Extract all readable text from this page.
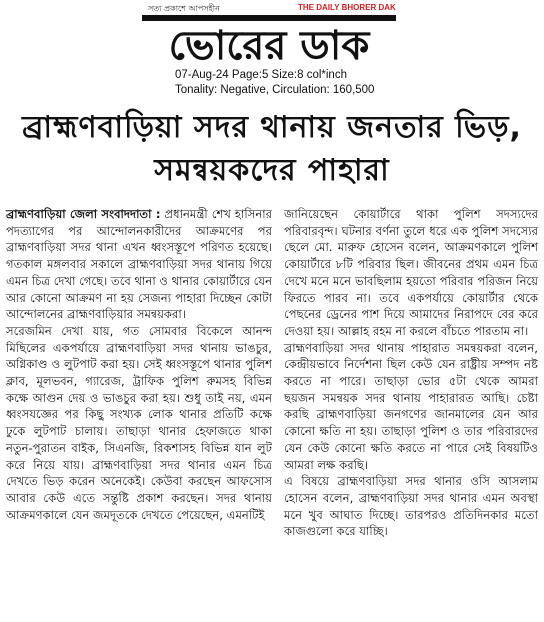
সত্য প্রকাশে আপসহীন	THE DAILY BHORER DAK
ভোরের ডাক
07-Aug-24 Page:5 Size:8 col*inch
Tonality: Negative, Circulation: 160,500
ব্রাহ্মণবাড়িয়া সদর থানায় জনতার ভিড়, সমন্বয়কদের পাহারা

ব্রাহ্মণবাড়িয়া জেলা সংবাদদাতা : প্রধানমন্ত্রী শেখ হাসিনার পদত্যাগের পর আন্দোলনকারীদের আক্রমণের পর ব্রাহ্মণবাড়িয়া সদর থানা এখন ধ্বংসস্তূপে পরিণত হয়েছে। গতকাল মঙ্গলবার সকালে ব্রাহ্মণবাড়িয়া সদর থানায় গিয়ে এমন চিত্র দেখা গেছে। তবে থানা ও থানার কোয়ার্টারে যেন আর কোনো আক্রমণ না হয় সেজন্য পাহারা দিচ্ছেন কোটা আন্দোলনের ব্রাহ্মণবাড়িয়ার সমন্বয়করা।

সরেজমিন দেখা যায়, গত সোমবার বিকেলে আনন্দ মিছিলের একপর্যায়ে ব্রাহ্মণবাড়িয়া সদর থানায় ভাঙচুর, অগ্নিকাণ্ড ও লুটপাট করা হয়। সেই ধ্বংসস্তূপে থানার পুলিশ ক্লাব, মূলভবন, গ্যারেজ, ট্রাফিক পুলিশ রুমসহ বিভিন্ন কক্ষে আগুন দেয় ও ভাঙচুর করা হয়। শুধু তাই নয়, এমন ধ্বংসযজ্ঞের পর কিছু সংখ্যক লোক থানার প্রতিটি কক্ষে ঢুকে লুটপাট চালায়। তাছাড়া থানার হেফাজতে থাকা নতুন-পুরাতন বাইক, সিএনজি, রিকশাসহ বিভিন্ন যান লুট করে নিয়ে যায়। ব্রাহ্মণবাড়িয়া সদর থানার এমন চিত্র দেখতে ভিড় করেন অনেকেই। কেউবা করছেন আফসোস আবার কেউ এতে সন্তুষ্টি প্রকাশ করছেন। সদর থানায় আক্রমণকালে যেন জমদূতকে দেখতে পেয়েছেন, এমনটিই

জানিয়েছেন কোয়ার্টারে থাকা পুলিশ সদস্যদের পরিবারবৃন্দ। ঘটনার বর্ণনা তুলে ধরে এক পুলিশ সদস্যের ছেলে মো. মারুফ হোসেন বলেন, আক্রমণকালে পুলিশ কোয়ার্টারে ৮টি পরিবার ছিল। জীবনের প্রথম এমন চিত্র দেখে মনে মনে ভাবছিলাম হয়তো পরিবার পরিজন নিয়ে ফিরতে পারব না। তবে একপর্যায়ে কোয়ার্টার থেকে পেছনের ড্রেনের পাশ দিয়ে আমাদের নিরাপদে বের করে দেওয়া হয়। আল্লাহ রহম না করলে বাঁচতে পারতাম না।

ব্রাহ্মণবাড়িয়া সদর থানায় পাহারাত সমন্বয়করা বলেন, কেন্দ্রীয়ভাবে নির্দেশনা ছিল কেউ যেন রাষ্ট্রীয় সম্পদ নষ্ট করতে না পারে। তাছাড়া ভোর ৫টা থেকে আমরা ছয়জন সমন্বয়ক সদর থানায় পাহারারত আছি। চেষ্টা করছি ব্রাহ্মণবাড়িয়া জনগণের জানমালের যেন আর কোনো ক্ষতি না হয়। তাছাড়া পুলিশ ও তার পরিবারদের যেন কেউ কোনো ক্ষতি করতে না পারে সেই বিষয়টিও আমরা লক্ষ করছি।

এ বিষয়ে ব্রাহ্মণবাড়িয়া সদর থানার ওসি আসলাম হোসেন বলেন, ব্রাহ্মণবাড়িয়া সদর থানার এমন অবস্থা মনে খুব আঘাত দিচ্ছে। তারপরও প্রতিদিনকার মতো কাজগুলো করে যাচ্ছি।
